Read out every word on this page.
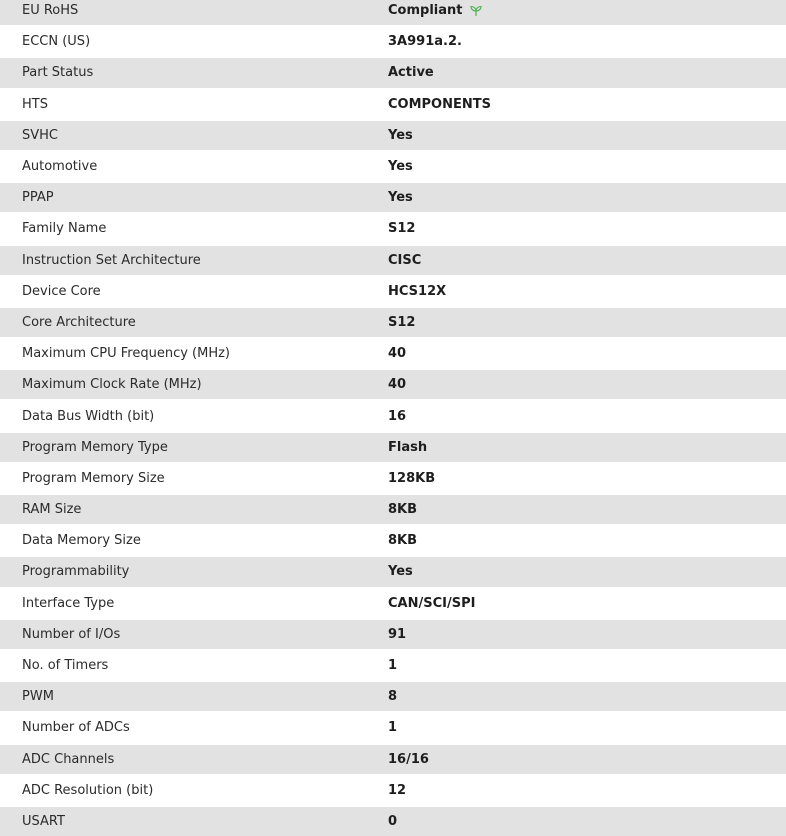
EU RoHS	Compliant
ECCN (US)	3A991a.2.
Part Status	Active
HTS	COMPONENTS
SVHC	Yes
Automotive	Yes
PPAP	Yes
Family Name	S12
Instruction Set Architecture	CISC
Device Core	HCS12X
Core Architecture	S12
Maximum CPU Frequency (MHz)	40
Maximum Clock Rate (MHz)	40
Data Bus Width (bit)	16
Program Memory Type	Flash
Program Memory Size	128KB
RAM Size	8KB
Data Memory Size	8KB
Programmability	Yes
Interface Type	CAN/SCI/SPI
Number of I/Os	91
No. of Timers	1
PWM	8
Number of ADCs	1
ADC Channels	16/16
ADC Resolution (bit)	12
USART	0
